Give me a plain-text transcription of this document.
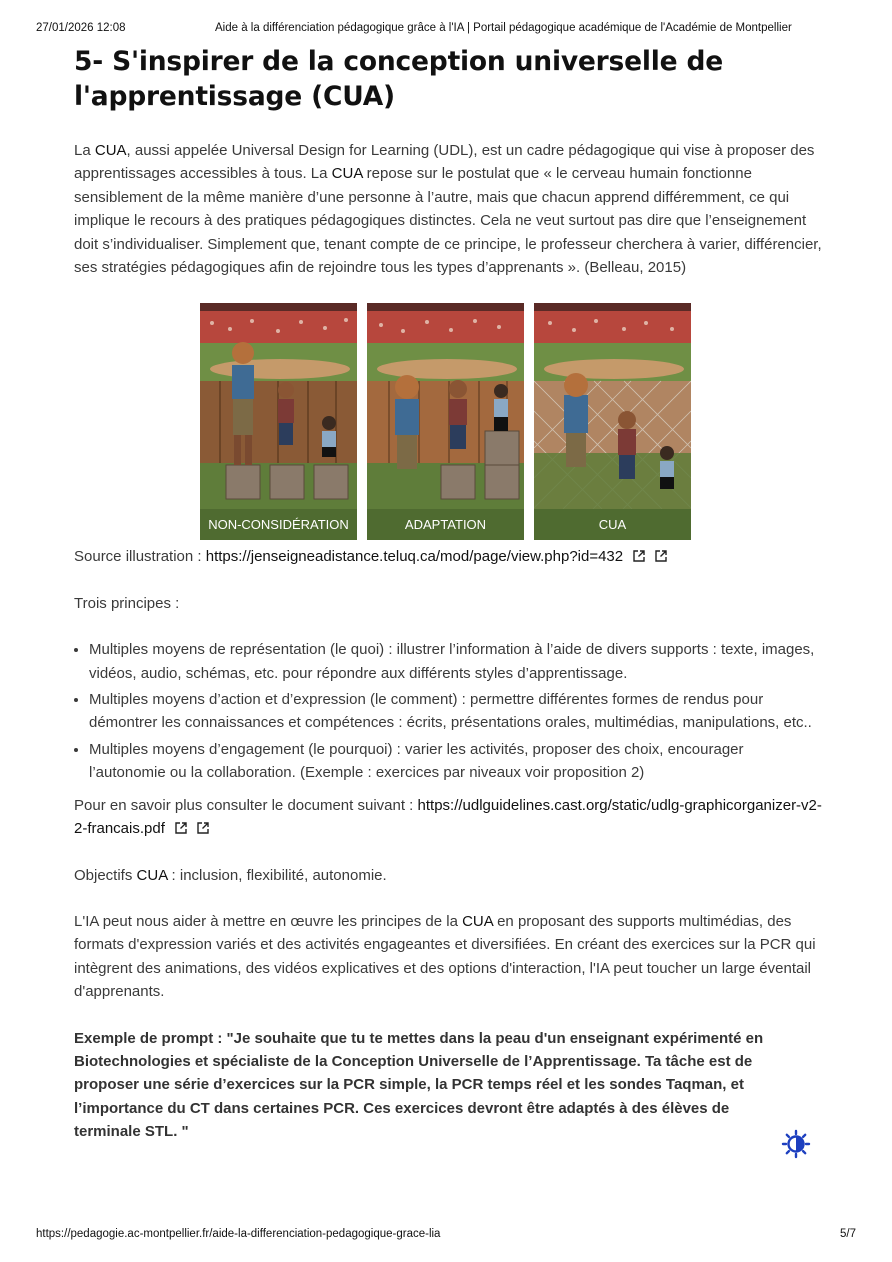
27/01/2026 12:08	Aide à la différenciation pédagogique grâce à l'IA | Portail pédagogique académique de l'Académie de Montpellier
5- S'inspirer de la conception universelle de l'apprentissage (CUA)

La CUA, aussi appelée Universal Design for Learning (UDL), est un cadre pédagogique qui vise à proposer des apprentissages accessibles à tous. La CUA repose sur le postulat que « le cerveau humain fonctionne sensiblement de la même manière d’une personne à l’autre, mais que chacun apprend différemment, ce qui implique le recours à des pratiques pédagogiques distinctes. Cela ne veut surtout pas dire que l’enseignement doit s’individualiser. Simplement que, tenant compte de ce principe, le professeur cherchera à varier, différencier, ses stratégies pédagogiques afin de rejoindre tous les types d’apprenants ». (Belleau, 2015)

NON-CONSIDÉRATION	ADAPTATION	CUA

Source illustration : https://jenseigneadistance.teluq.ca/mod/page/view.php?id=432

Trois principes :

• Multiples moyens de représentation (le quoi) : illustrer l’information à l’aide de divers supports : texte, images, vidéos, audio, schémas, etc. pour répondre aux différents styles d’apprentissage.
• Multiples moyens d’action et d’expression (le comment) : permettre différentes formes de rendus pour démontrer les connaissances et compétences : écrits, présentations orales, multimédias, manipulations, etc..
• Multiples moyens d’engagement (le pourquoi) : varier les activités, proposer des choix, encourager l’autonomie ou la collaboration. (Exemple : exercices par niveaux voir proposition 2)

Pour en savoir plus consulter le document suivant : https://udlguidelines.cast.org/static/udlg-graphicorganizer-v2-2-francais.pdf

Objectifs CUA : inclusion, flexibilité, autonomie.

L'IA peut nous aider à mettre en œuvre les principes de la CUA en proposant des supports multimédias, des formats d'expression variés et des activités engageantes et diversifiées. En créant des exercices sur la PCR qui intègrent des animations, des vidéos explicatives et des options d'interaction, l'IA peut toucher un large éventail d'apprenants.

Exemple de prompt : "Je souhaite que tu te mettes dans la peau d'un enseignant expérimenté en Biotechnologies et spécialiste de la Conception Universelle de l’Apprentissage. Ta tâche est de proposer une série d’exercices sur la PCR simple, la PCR temps réel et les sondes Taqman, et l’importance du CT dans certaines PCR. Ces exercices devront être adaptés à des élèves de terminale STL. "

https://pedagogie.ac-montpellier.fr/aide-la-differenciation-pedagogique-grace-lia	5/7
